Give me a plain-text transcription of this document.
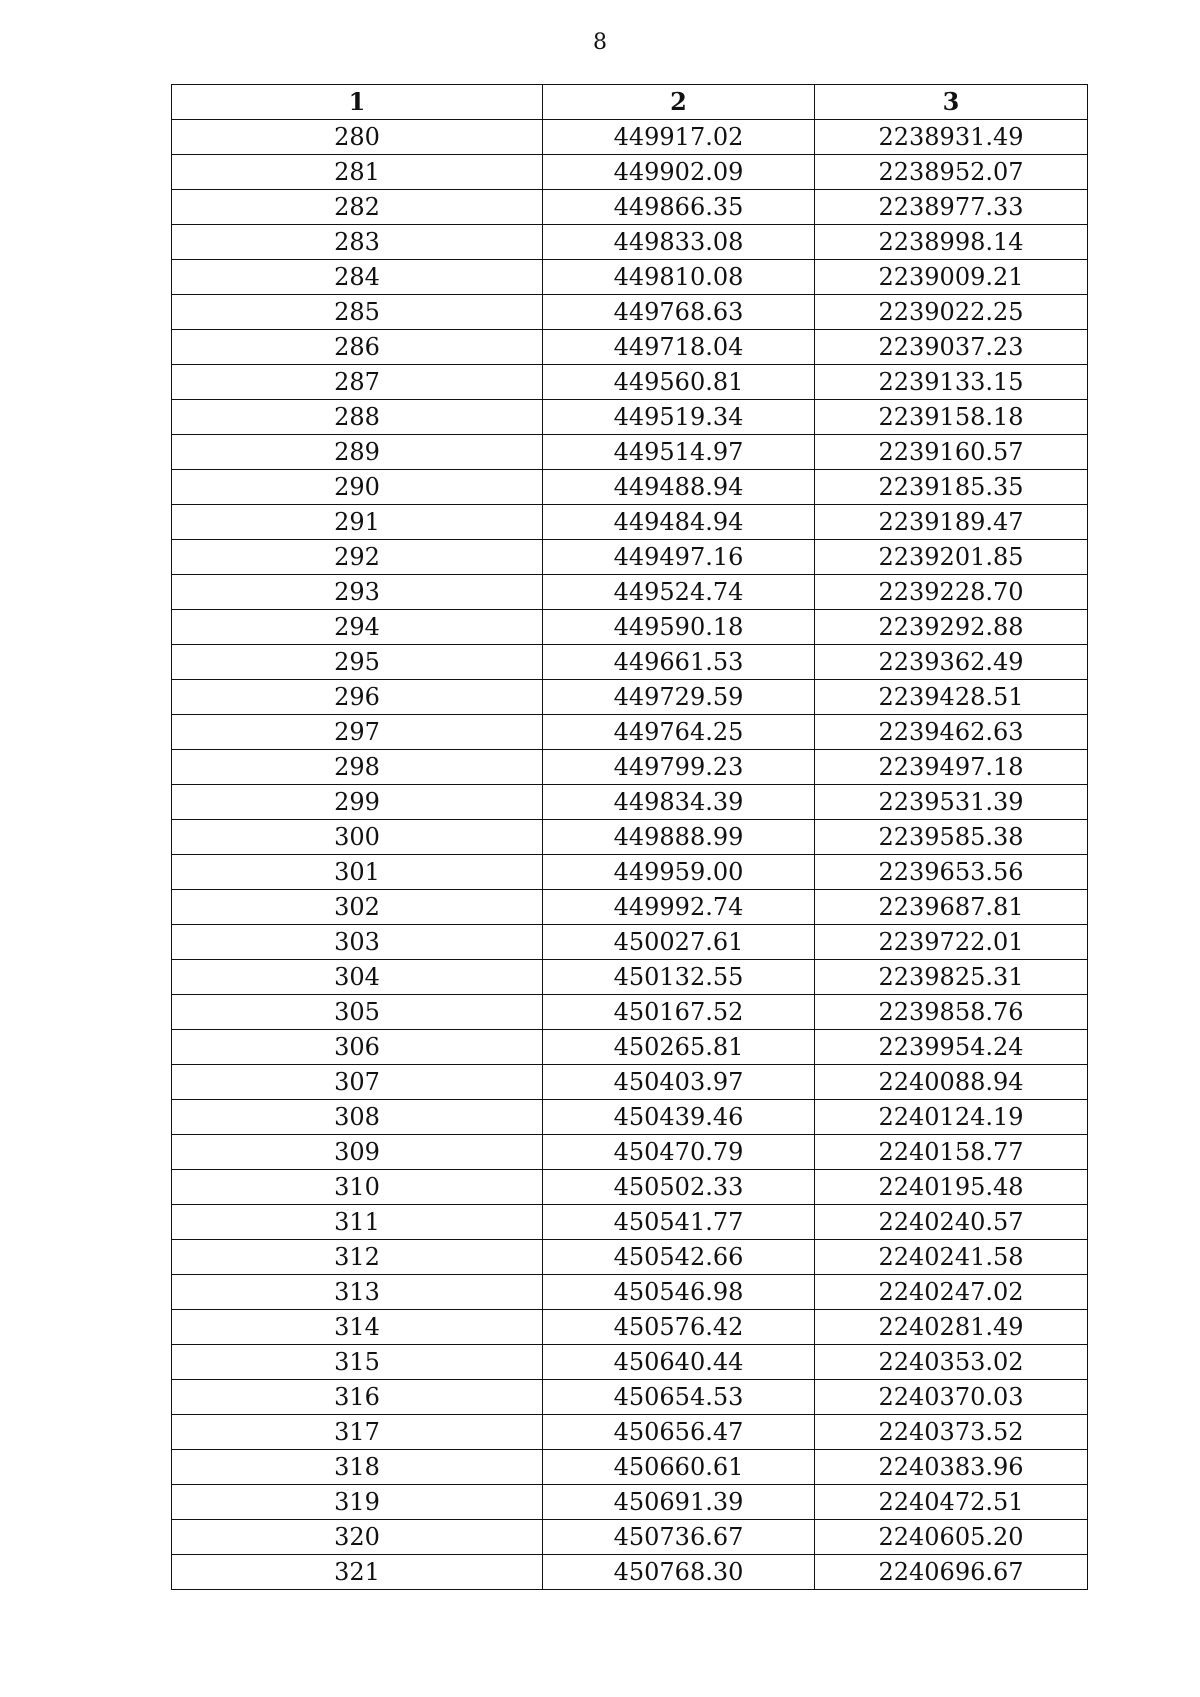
8
1	2	3
280	449917.02	2238931.49
281	449902.09	2238952.07
282	449866.35	2238977.33
283	449833.08	2238998.14
284	449810.08	2239009.21
285	449768.63	2239022.25
286	449718.04	2239037.23
287	449560.81	2239133.15
288	449519.34	2239158.18
289	449514.97	2239160.57
290	449488.94	2239185.35
291	449484.94	2239189.47
292	449497.16	2239201.85
293	449524.74	2239228.70
294	449590.18	2239292.88
295	449661.53	2239362.49
296	449729.59	2239428.51
297	449764.25	2239462.63
298	449799.23	2239497.18
299	449834.39	2239531.39
300	449888.99	2239585.38
301	449959.00	2239653.56
302	449992.74	2239687.81
303	450027.61	2239722.01
304	450132.55	2239825.31
305	450167.52	2239858.76
306	450265.81	2239954.24
307	450403.97	2240088.94
308	450439.46	2240124.19
309	450470.79	2240158.77
310	450502.33	2240195.48
311	450541.77	2240240.57
312	450542.66	2240241.58
313	450546.98	2240247.02
314	450576.42	2240281.49
315	450640.44	2240353.02
316	450654.53	2240370.03
317	450656.47	2240373.52
318	450660.61	2240383.96
319	450691.39	2240472.51
320	450736.67	2240605.20
321	450768.30	2240696.67
